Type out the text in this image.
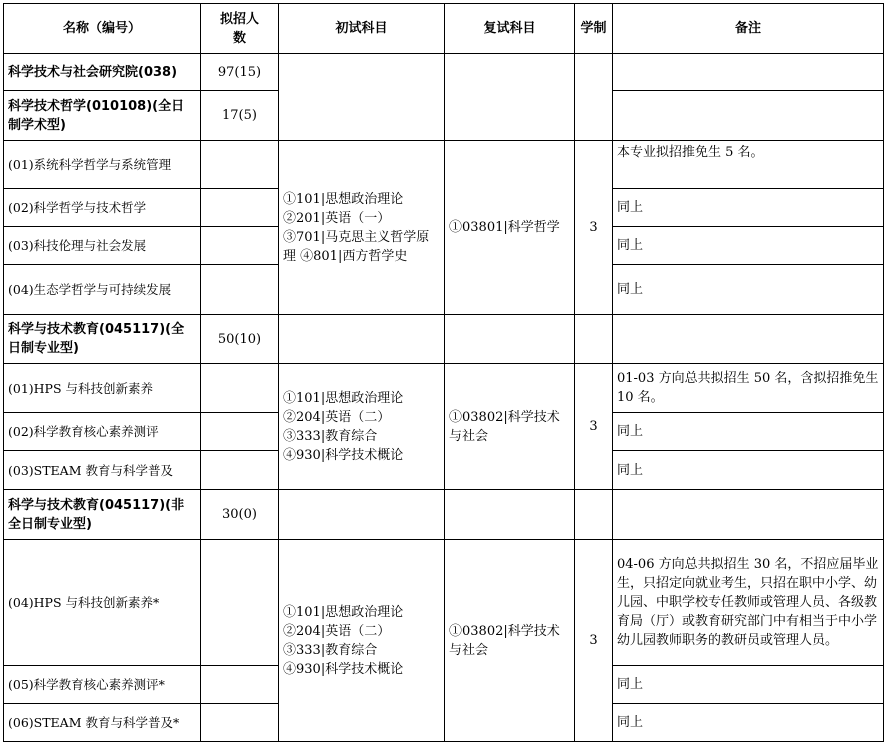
名称（编号）	拟招人数	初试科目	复试科目	学制	备注
科学技术与社会研究院(038)	97(15)				
科学技术哲学(010108)(全日制学术型)	17(5)				
(01)系统科学哲学与系统管理		①101|思想政治理论
②201|英语（一）
③701|马克思主义哲学原理 ④801|西方哲学史	①03801|科学哲学	3	本专业拟招推免生 5 名。
(02)科学哲学与技术哲学					同上
(03)科技伦理与社会发展					同上
(04)生态学哲学与可持续发展					同上
科学与技术教育(045117)(全日制专业型)	50(10)				
(01)HPS 与科技创新素养		①101|思想政治理论
②204|英语（二）
③333|教育综合
④930|科学技术概论	①03802|科学技术与社会	3	01-03 方向总共拟招生 50 名，含拟招推免生 10 名。
(02)科学教育核心素养测评					同上
(03)STEAM 教育与科学普及					同上
科学与技术教育(045117)(非全日制专业型)	30(0)				
(04)HPS 与科技创新素养*		①101|思想政治理论
②204|英语（二）
③333|教育综合
④930|科学技术概论	①03802|科学技术与社会	3	04-06 方向总共拟招生 30 名，不招应届毕业生，只招定向就业考生，只招在职中小学、幼儿园、中职学校专任教师或管理人员、各级教育局（厅）或教育研究部门中有相当于中小学幼儿园教师职务的教研员或管理人员。
(05)科学教育核心素养测评*					同上
(06)STEAM 教育与科学普及*					同上
